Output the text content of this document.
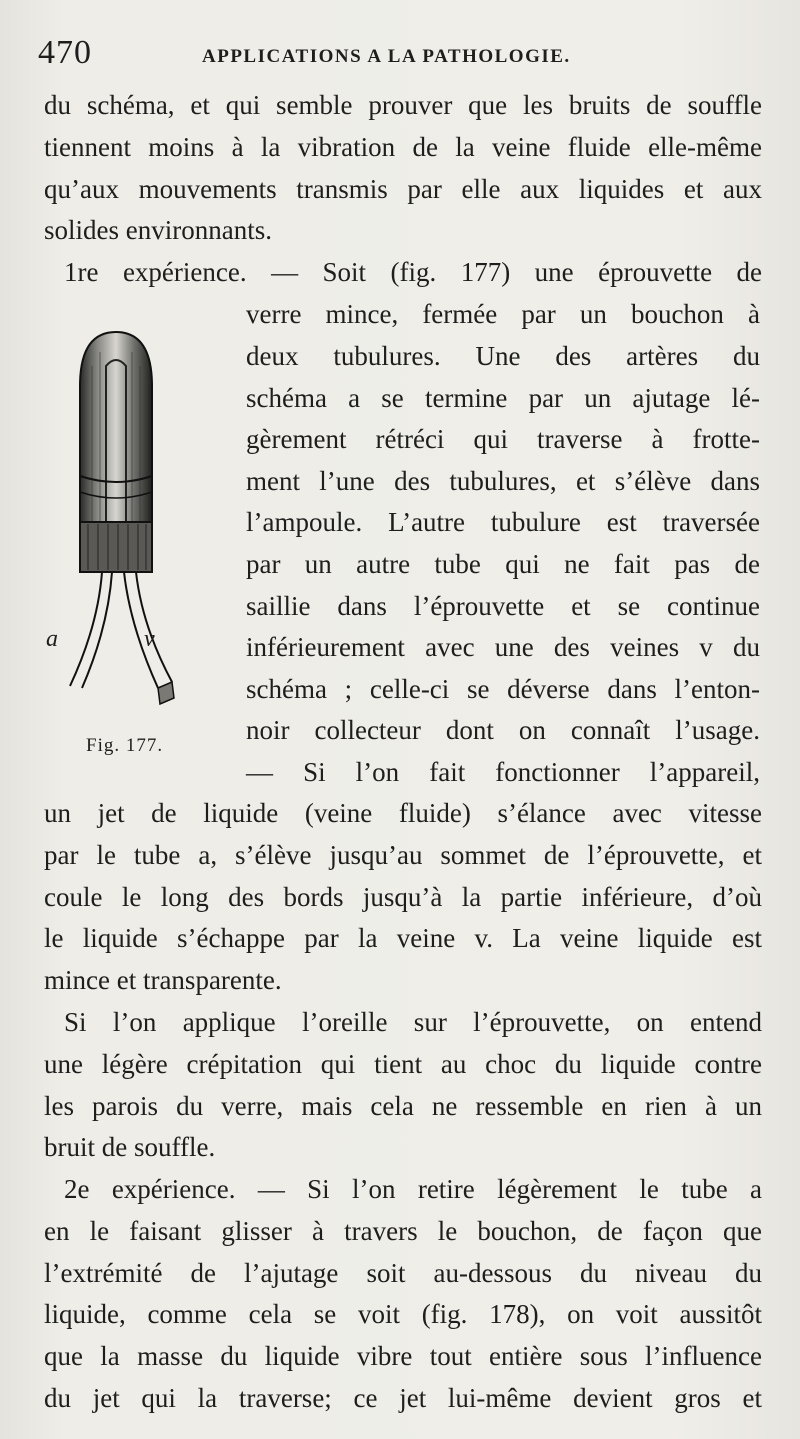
470	APPLICATIONS A LA PATHOLOGIE.
a	v
Fig. 177.
du schéma, et qui semble prouver que les bruits de souffle
tiennent moins à la vibration de la veine fluide elle-même
qu’aux mouvements transmis par elle aux liquides et aux
solides environnants.
1re expérience. — Soit (fig. 177) une éprouvette de
verre mince, fermée par un bouchon à
deux tubulures. Une des artères du
schéma a se termine par un ajutage lé-
gèrement rétréci qui traverse à frotte-
ment l’une des tubulures, et s’élève dans
l’ampoule. L’autre tubulure est traversée
par un autre tube qui ne fait pas de
saillie dans l’éprouvette et se continue
inférieurement avec une des veines v du
schéma ; celle-ci se déverse dans l’enton-
noir collecteur dont on connaît l’usage.
— Si l’on fait fonctionner l’appareil,
un jet de liquide (veine fluide) s’élance avec vitesse
par le tube a, s’élève jusqu’au sommet de l’éprouvette, et
coule le long des bords jusqu’à la partie inférieure, d’où
le liquide s’échappe par la veine v. La veine liquide est
mince et transparente.
Si l’on applique l’oreille sur l’éprouvette, on entend
une légère crépitation qui tient au choc du liquide contre
les parois du verre, mais cela ne ressemble en rien à un
bruit de souffle.
2e expérience. — Si l’on retire légèrement le tube a
en le faisant glisser à travers le bouchon, de façon que
l’extrémité de l’ajutage soit au-dessous du niveau du
liquide, comme cela se voit (fig. 178), on voit aussitôt
que la masse du liquide vibre tout entière sous l’influence
du jet qui la traverse; ce jet lui-même devient gros et
